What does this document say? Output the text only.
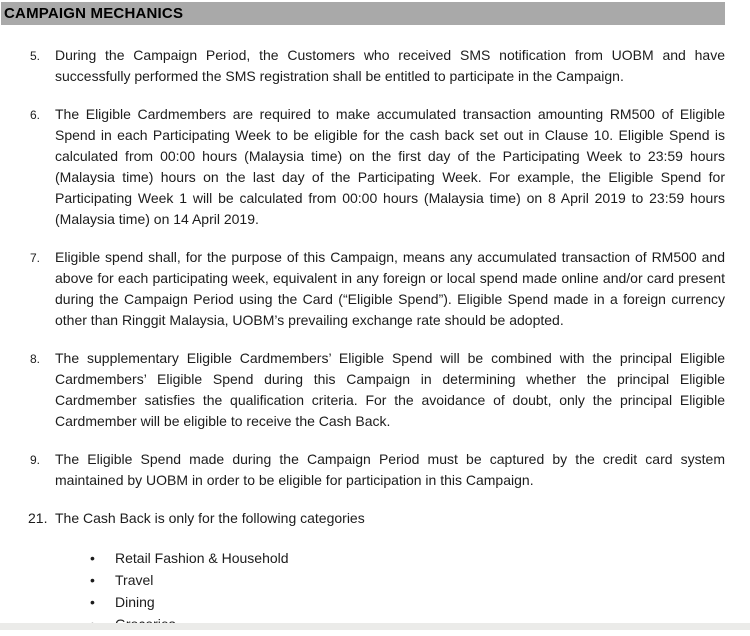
CAMPAIGN MECHANICS
5.	During the Campaign Period, the Customers who received SMS notification from UOBM and have successfully performed the SMS registration shall be entitled to participate in the Campaign.

6.	The Eligible Cardmembers are required to make accumulated transaction amounting RM500 of Eligible Spend in each Participating Week to be eligible for the cash back set out in Clause 10. Eligible Spend is calculated from 00:00 hours (Malaysia time) on the first day of the Participating Week to 23:59 hours (Malaysia time) hours on the last day of the Participating Week. For example, the Eligible Spend for Participating Week 1 will be calculated from 00:00 hours (Malaysia time) on 8 April 2019 to 23:59 hours (Malaysia time) on 14 April 2019.

7.	Eligible spend shall, for the purpose of this Campaign, means any accumulated transaction of RM500 and above for each participating week, equivalent in any foreign or local spend made online and/or card present during the Campaign Period using the Card (“Eligible Spend”). Eligible Spend made in a foreign currency other than Ringgit Malaysia, UOBM’s prevailing exchange rate should be adopted.

8.	The supplementary Eligible Cardmembers’ Eligible Spend will be combined with the principal Eligible Cardmembers’ Eligible Spend during this Campaign in determining whether the principal Eligible Cardmember satisfies the qualification criteria. For the avoidance of doubt, only the principal Eligible Cardmember will be eligible to receive the Cash Back.

9.	The Eligible Spend made during the Campaign Period must be captured by the credit card system maintained by UOBM in order to be eligible for participation in this Campaign.

21. The Cash Back is only for the following categories

•	Retail Fashion & Household
•	Travel
•	Dining
